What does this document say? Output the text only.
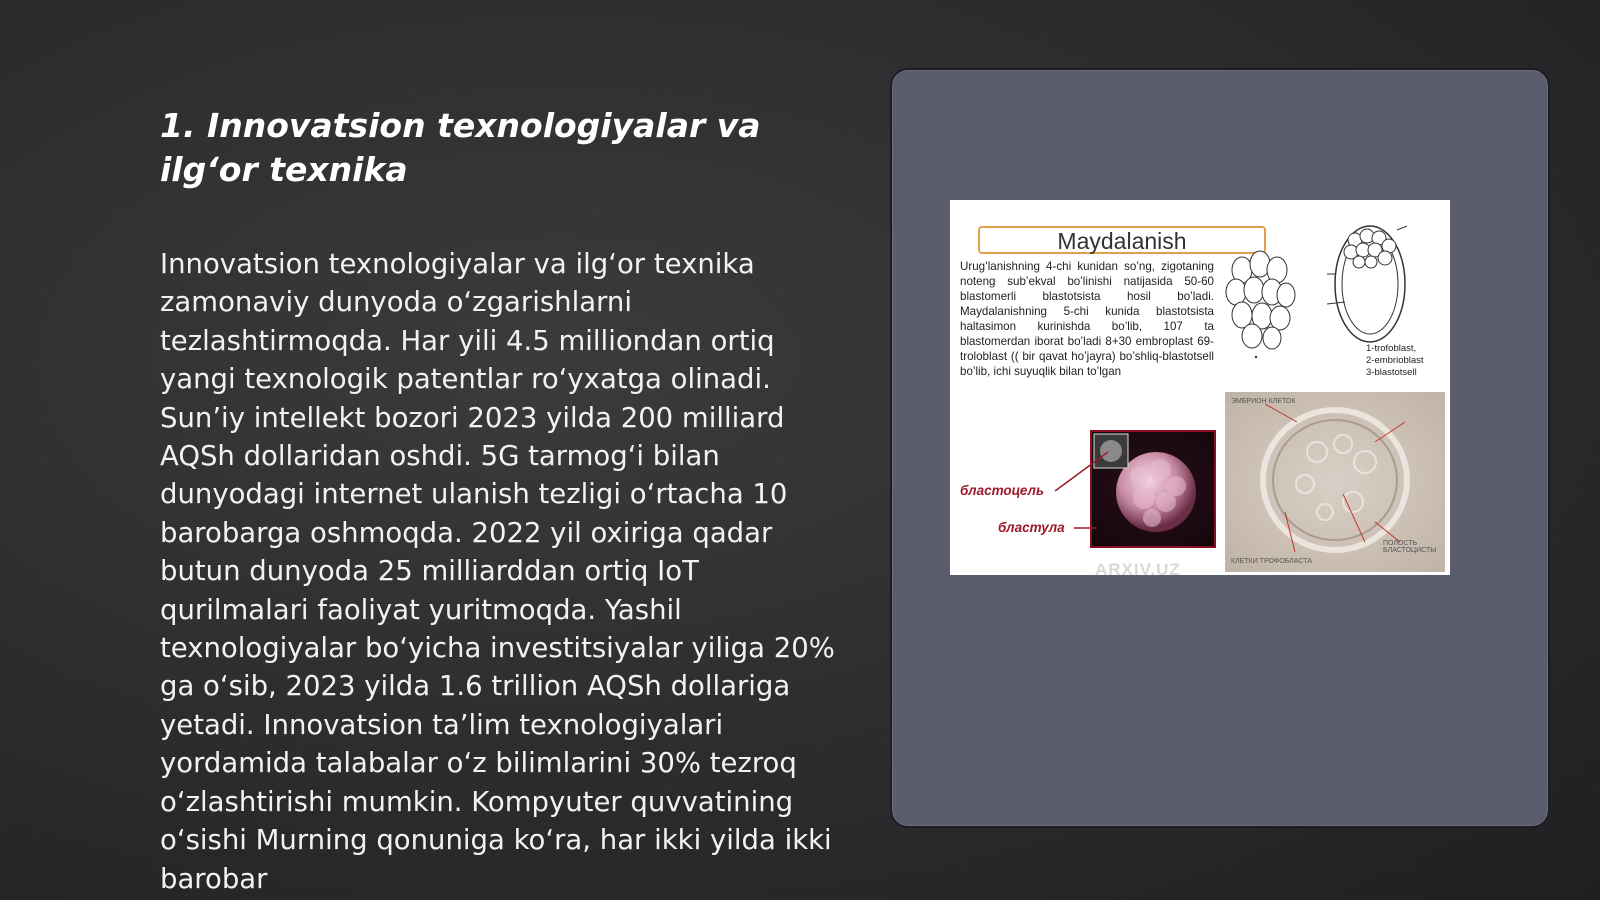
1. Innovatsion texnologiyalar va ilg‘or texnika

Innovatsion texnologiyalar va ilg‘or texnika zamonaviy dunyoda o‘zgarishlarni tezlashtirmoqda. Har yili 4.5 milliondan ortiq yangi texnologik patentlar ro‘yxatga olinadi. Sun’iy intellekt bozori 2023 yilda 200 milliard AQSh dollaridan oshdi. 5G tarmog‘i bilan dunyodagi internet ulanish tezligi o‘rtacha 10 barobarga oshmoqda. 2022 yil oxiriga qadar butun dunyoda 25 milliarddan ortiq IoT qurilmalari faoliyat yuritmoqda. Yashil texnologiyalar bo‘yicha investitsiyalar yiliga 20% ga o‘sib, 2023 yilda 1.6 trillion AQSh dollariga yetadi. Innovatsion ta’lim texnologiyalari yordamida talabalar o‘z bilimlarini 30% tezroq o‘zlashtirishi mumkin. Kompyuter quvvatining o‘sishi Murning qonuniga ko‘ra, har ikki yilda ikki barobar

Maydalanish

Urug’lanishning 4-chi kunidan so’ng, zigotaning noteng sub’ekval bo’linishi natijasida 50-60 blastomerli blastotsista hosil bo’ladi. Maydalanishning 5-chi kunida blastotsista haltasimon kurinishda bo’lib, 107 ta blastomerdan iborat bo’ladi 8+30 embroplast 69-troloblast (( bir qavat ho’jayra) bo’shliq-blastotsell bo’lib, ichi suyuqlik bilan to’lgan

1-trofoblast,
2-embrioblast
3-blastotsell

ЭМБРИОН КЛЕТОК
ПОЛОСТЬ БЛАСТОЦИСТЫ
КЛЕТКИ ТРОФОБЛАСТА
бластоцель
бластула
ARXIV.UZ
